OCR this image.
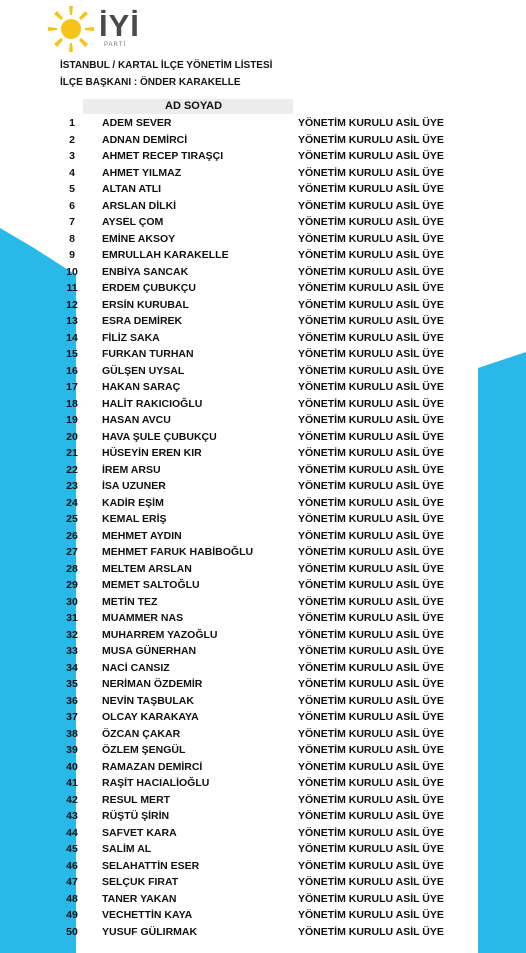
İYİ
PARTİ
İSTANBUL / KARTAL İLÇE YÖNETİM LİSTESİ
İLÇE BAŞKANI : ÖNDER KARAKELLE
AD SOYAD
1	ADEM SEVER	YÖNETİM KURULU ASİL ÜYE
2	ADNAN DEMİRCİ	YÖNETİM KURULU ASİL ÜYE
3	AHMET RECEP TIRAŞÇI	YÖNETİM KURULU ASİL ÜYE
4	AHMET YILMAZ	YÖNETİM KURULU ASİL ÜYE
5	ALTAN ATLI	YÖNETİM KURULU ASİL ÜYE
6	ARSLAN DİLKİ	YÖNETİM KURULU ASİL ÜYE
7	AYSEL ÇOM	YÖNETİM KURULU ASİL ÜYE
8	EMİNE AKSOY	YÖNETİM KURULU ASİL ÜYE
9	EMRULLAH KARAKELLE	YÖNETİM KURULU ASİL ÜYE
10	ENBİYA SANCAK	YÖNETİM KURULU ASİL ÜYE
11	ERDEM ÇUBUKÇU	YÖNETİM KURULU ASİL ÜYE
12	ERSİN KURUBAL	YÖNETİM KURULU ASİL ÜYE
13	ESRA DEMİREK	YÖNETİM KURULU ASİL ÜYE
14	FİLİZ SAKA	YÖNETİM KURULU ASİL ÜYE
15	FURKAN TURHAN	YÖNETİM KURULU ASİL ÜYE
16	GÜLŞEN UYSAL	YÖNETİM KURULU ASİL ÜYE
17	HAKAN SARAÇ	YÖNETİM KURULU ASİL ÜYE
18	HALİT RAKICIOĞLU	YÖNETİM KURULU ASİL ÜYE
19	HASAN AVCU	YÖNETİM KURULU ASİL ÜYE
20	HAVA ŞULE ÇUBUKÇU	YÖNETİM KURULU ASİL ÜYE
21	HÜSEYİN EREN KIR	YÖNETİM KURULU ASİL ÜYE
22	İREM ARSU	YÖNETİM KURULU ASİL ÜYE
23	İSA UZUNER	YÖNETİM KURULU ASİL ÜYE
24	KADİR EŞİM	YÖNETİM KURULU ASİL ÜYE
25	KEMAL ERİŞ	YÖNETİM KURULU ASİL ÜYE
26	MEHMET AYDIN	YÖNETİM KURULU ASİL ÜYE
27	MEHMET FARUK HABİBOĞLU	YÖNETİM KURULU ASİL ÜYE
28	MELTEM ARSLAN	YÖNETİM KURULU ASİL ÜYE
29	MEMET SALTOĞLU	YÖNETİM KURULU ASİL ÜYE
30	METİN TEZ	YÖNETİM KURULU ASİL ÜYE
31	MUAMMER NAS	YÖNETİM KURULU ASİL ÜYE
32	MUHARREM YAZOĞLU	YÖNETİM KURULU ASİL ÜYE
33	MUSA GÜNERHAN	YÖNETİM KURULU ASİL ÜYE
34	NACİ CANSIZ	YÖNETİM KURULU ASİL ÜYE
35	NERİMAN ÖZDEMİR	YÖNETİM KURULU ASİL ÜYE
36	NEVİN TAŞBULAK	YÖNETİM KURULU ASİL ÜYE
37	OLCAY KARAKAYA	YÖNETİM KURULU ASİL ÜYE
38	ÖZCAN ÇAKAR	YÖNETİM KURULU ASİL ÜYE
39	ÖZLEM ŞENGÜL	YÖNETİM KURULU ASİL ÜYE
40	RAMAZAN DEMİRCİ	YÖNETİM KURULU ASİL ÜYE
41	RAŞİT HACIALİOĞLU	YÖNETİM KURULU ASİL ÜYE
42	RESUL MERT	YÖNETİM KURULU ASİL ÜYE
43	RÜŞTÜ ŞİRİN	YÖNETİM KURULU ASİL ÜYE
44	SAFVET KARA	YÖNETİM KURULU ASİL ÜYE
45	SALİM AL	YÖNETİM KURULU ASİL ÜYE
46	SELAHATTİN ESER	YÖNETİM KURULU ASİL ÜYE
47	SELÇUK FIRAT	YÖNETİM KURULU ASİL ÜYE
48	TANER YAKAN	YÖNETİM KURULU ASİL ÜYE
49	VECHETTİN KAYA	YÖNETİM KURULU ASİL ÜYE
50	YUSUF GÜLIRMAK	YÖNETİM KURULU ASİL ÜYE
